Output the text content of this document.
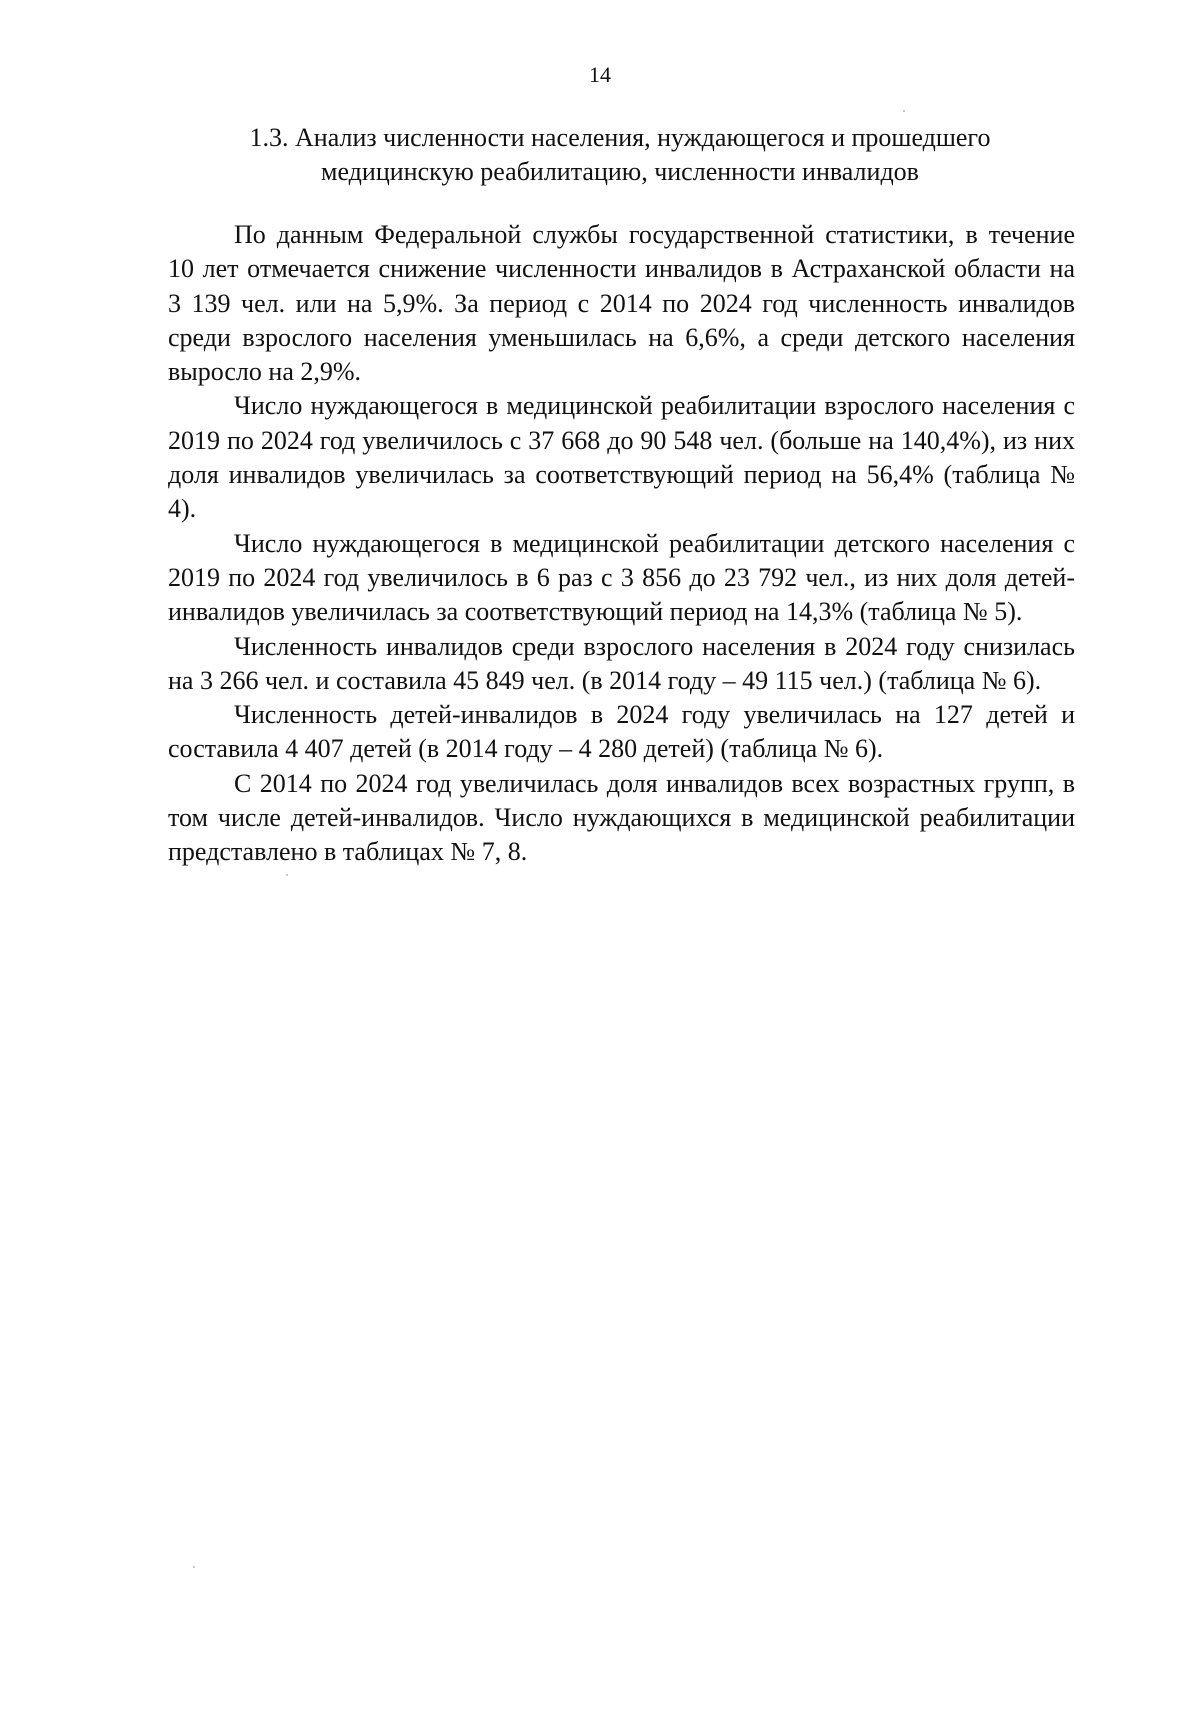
14
1.3. Анализ численности населения, нуждающегося и прошедшего медицинскую реабилитацию, численности инвалидов

По данным Федеральной службы государственной статистики, в течение 10 лет отмечается снижение численности инвалидов в Астраханской области на 3 139 чел. или на 5,9%. За период с 2014 по 2024 год численность инвалидов среди взрослого населения уменьшилась на 6,6%, а среди детского населения выросло на 2,9%.

Число нуждающегося в медицинской реабилитации взрослого населения с 2019 по 2024 год увеличилось с 37 668 до 90 548 чел. (больше на 140,4%), из них доля инвалидов увеличилась за соответствующий период на 56,4% (таблица № 4).

Число нуждающегося в медицинской реабилитации детского населения с 2019 по 2024 год увеличилось в 6 раз с 3 856 до 23 792 чел., из них доля детей-инвалидов увеличилась за соответствующий период на 14,3% (таблица № 5).

Численность инвалидов среди взрослого населения в 2024 году снизилась на 3 266 чел. и составила 45 849 чел. (в 2014 году – 49 115 чел.) (таблица № 6).

Численность детей-инвалидов в 2024 году увеличилась на 127 детей и составила 4 407 детей (в 2014 году – 4 280 детей) (таблица № 6).

С 2014 по 2024 год увеличилась доля инвалидов всех возрастных групп, в том числе детей-инвалидов. Число нуждающихся в медицинской реабилитации представлено в таблицах № 7, 8.
